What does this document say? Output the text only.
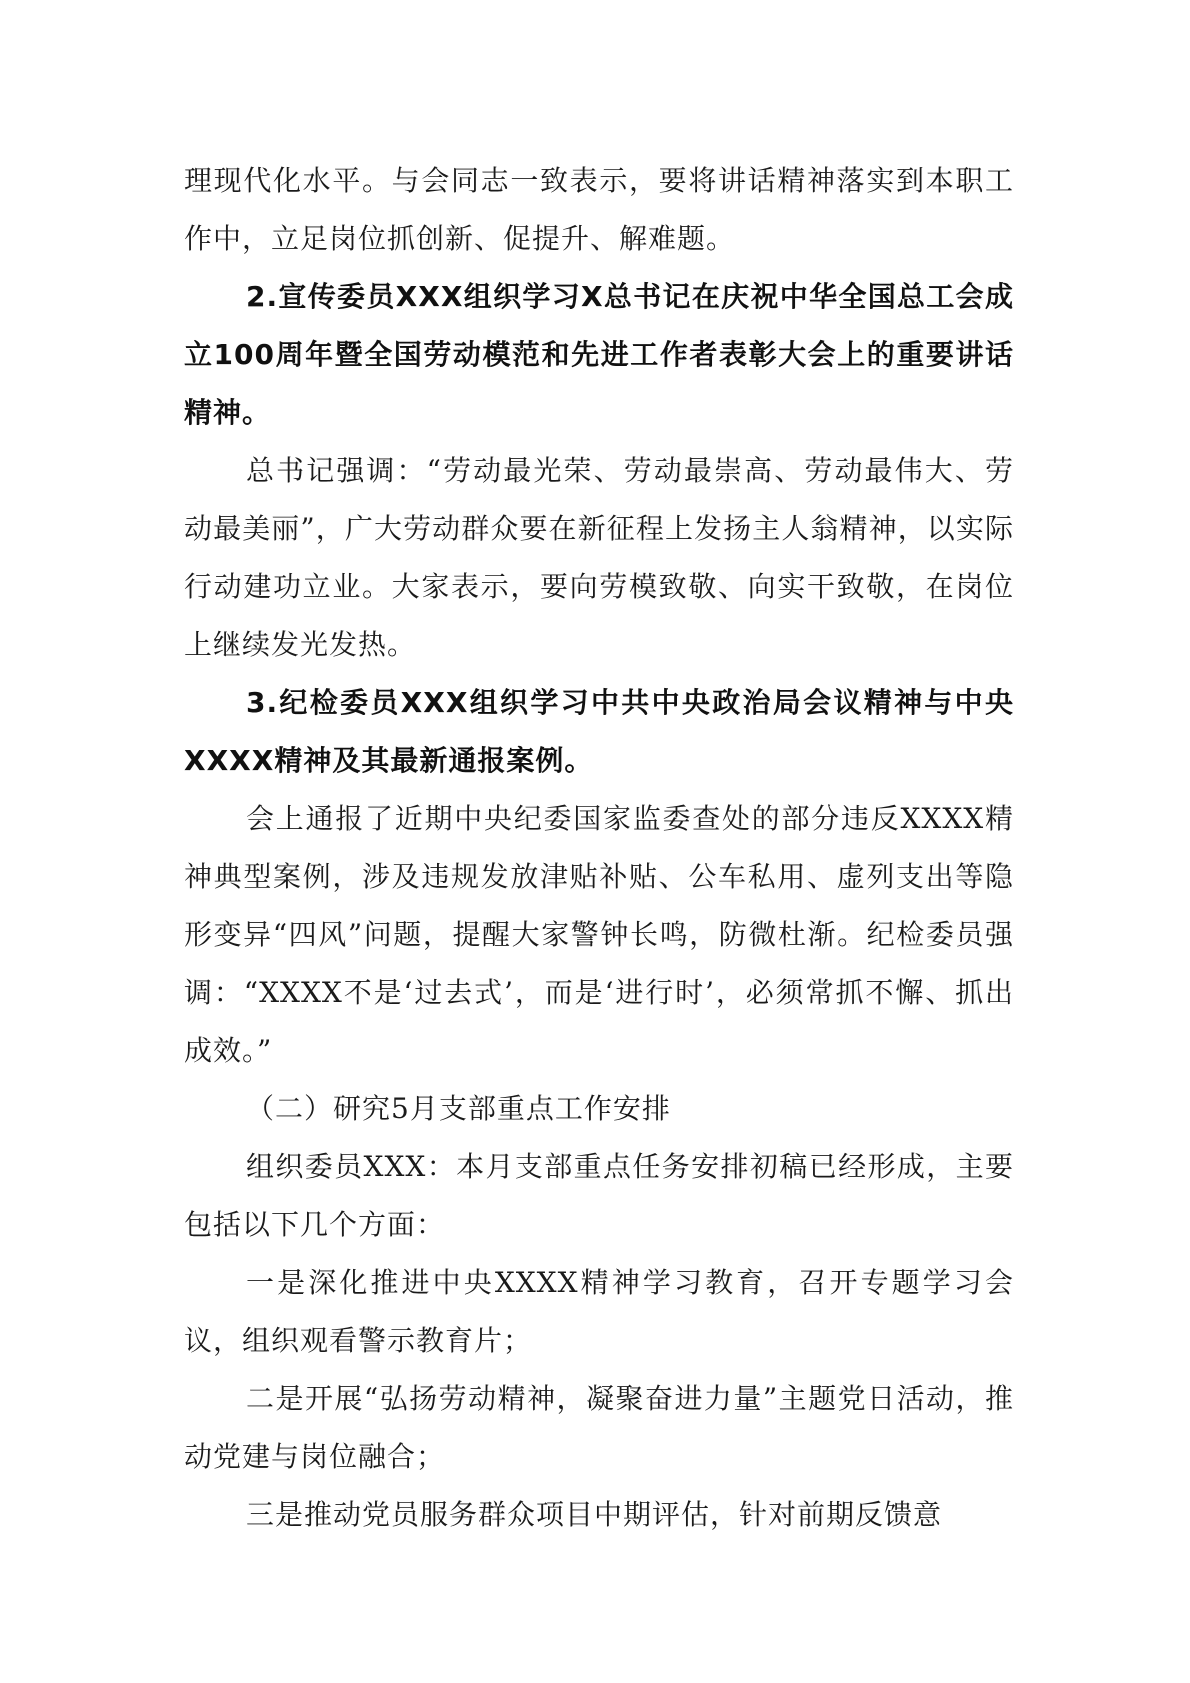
理现代化水平。与会同志一致表示，要将讲话精神落实到本职工作中，立足岗位抓创新、促提升、解难题。

2.宣传委员XXX组织学习X总书记在庆祝中华全国总工会成立100周年暨全国劳动模范和先进工作者表彰大会上的重要讲话精神。

总书记强调：“劳动最光荣、劳动最崇高、劳动最伟大、劳动最美丽”，广大劳动群众要在新征程上发扬主人翁精神，以实际行动建功立业。大家表示，要向劳模致敬、向实干致敬，在岗位上继续发光发热。

3.纪检委员XXX组织学习中共中央政治局会议精神与中央XXXX精神及其最新通报案例。

会上通报了近期中央纪委国家监委查处的部分违反XXXX精神典型案例，涉及违规发放津贴补贴、公车私用、虚列支出等隐形变异“四风”问题，提醒大家警钟长鸣，防微杜渐。纪检委员强调：“XXXX不是‘过去式’，而是‘进行时’，必须常抓不懈、抓出成效。”

（二）研究5月支部重点工作安排

组织委员XXX：本月支部重点任务安排初稿已经形成，主要包括以下几个方面：

一是深化推进中央XXXX精神学习教育，召开专题学习会议，组织观看警示教育片；

二是开展“弘扬劳动精神，凝聚奋进力量”主题党日活动，推动党建与岗位融合；

三是推动党员服务群众项目中期评估，针对前期反馈意
